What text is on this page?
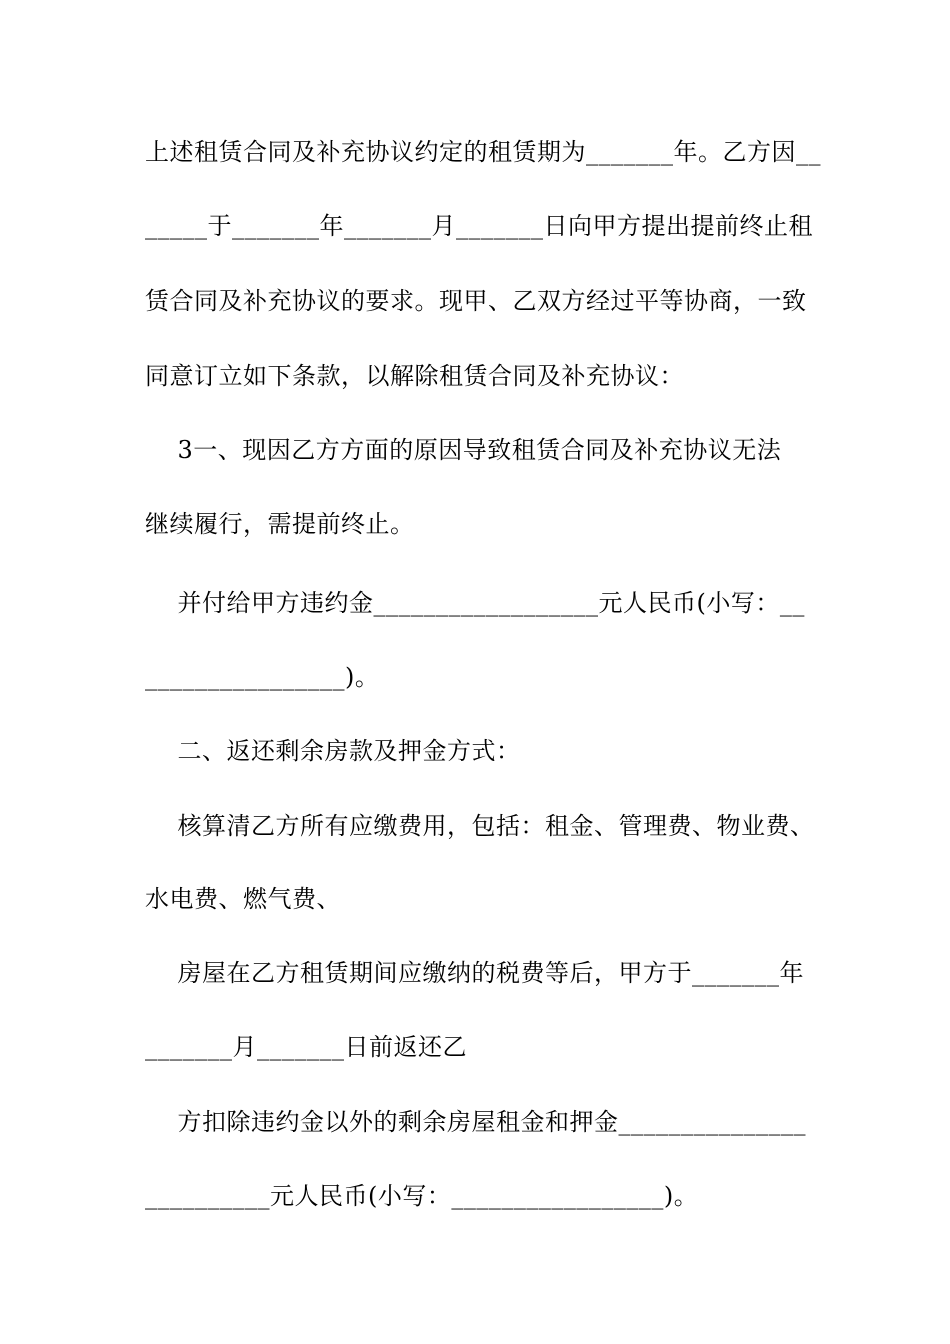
上述租赁合同及补充协议约定的租赁期为_______年。乙方因__
_____于_______年_______月_______日向甲方提出提前终止租
赁合同及补充协议的要求。现甲、乙双方经过平等协商，一致
同意订立如下条款，以解除租赁合同及补充协议：
3一、现因乙方方面的原因导致租赁合同及补充协议无法
继续履行，需提前终止。
并付给甲方违约金__________________元人民币(小写：__
________________)。
二、返还剩余房款及押金方式：
核算清乙方所有应缴费用，包括：租金、管理费、物业费、
水电费、燃气费、
房屋在乙方租赁期间应缴纳的税费等后，甲方于_______年
_______月_______日前返还乙
方扣除违约金以外的剩余房屋租金和押金_______________
__________元人民币(小写：_________________)。
